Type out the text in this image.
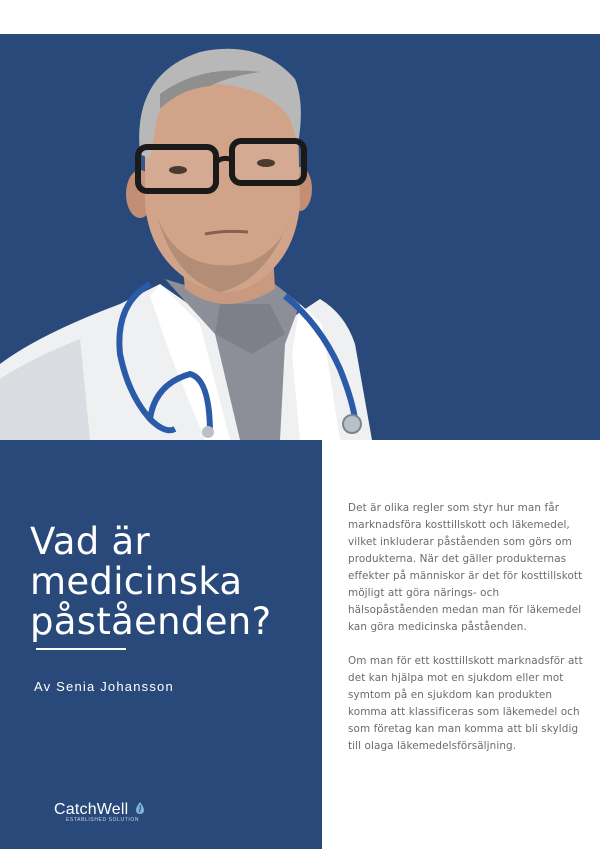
Vad är
medicinska
påståenden?
Av Senia Johansson

Det är olika regler som styr hur man får marknadsföra kosttillskott och läkemedel, vilket inkluderar påståenden som görs om produkterna. När det gäller produkternas effekter på människor är det för kosttillskott möjligt att göra närings- och hälsopåståenden medan man för läkemedel kan göra medicinska påståenden.

Om man för ett kosttillskott marknadsför att det kan hjälpa mot en sjukdom eller mot symtom på en sjukdom kan produkten komma att klassificeras som läkemedel och som företag kan man komma att bli skyldig till olaga läkemedelsförsäljning.

CatchWell
ESTABLISHED SOLUTION
